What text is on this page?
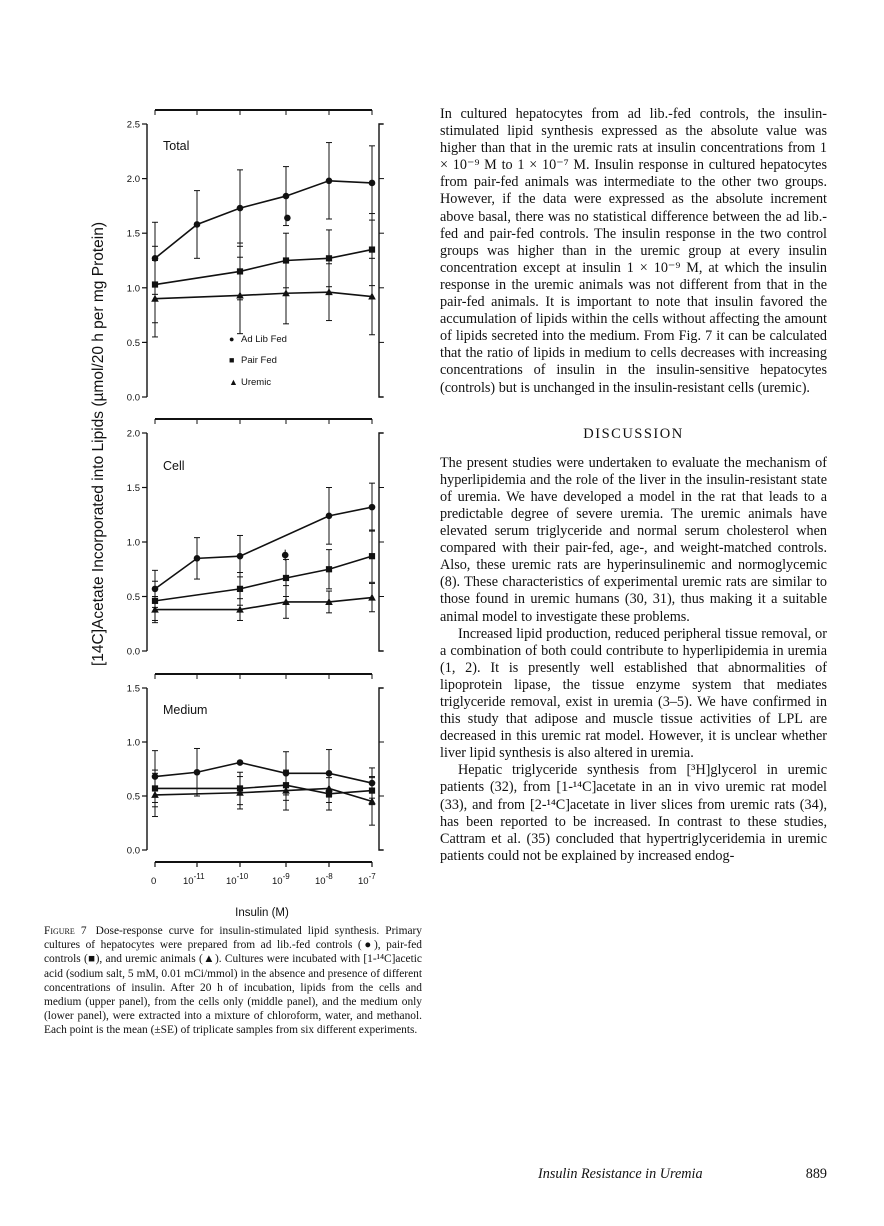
0.0
0.5
1.0
1.5
2.0
2.5
Total
0.0
0.5
1.0
1.5
2.0
Cell
0.0
0.5
1.0
1.5
Medium
● Ad Lib Fed
■ Pair Fed
▲ Uremic
0	$10^{-11}$ $10^{-10}$	$10^{-9}$	$10^{-8}$	$10^{-7}$
Insulin (M)
[14C]Acetate Incorporated into Lipids (µmol/20 h per mg Protein)
Figure 7 Dose-response curve for insulin-stimulated lipid synthesis. Primary cultures of hepatocytes were prepared from ad lib.-fed controls (●), pair-fed controls (■), and uremic animals (▲). Cultures were incubated with [1-¹⁴C]acetic acid (sodium salt, 5 mM, 0.01 mCi/mmol) in the absence and presence of different concentrations of insulin. After 20 h of incubation, lipids from the cells and medium (upper panel), from the cells only (middle panel), and the medium only (lower panel), were extracted into a mixture of chloroform, water, and methanol. Each point is the mean (±SE) of triplicate samples from six different experiments.

In cultured hepatocytes from ad lib.-fed controls, the insulin-stimulated lipid synthesis expressed as the absolute value was higher than that in the uremic rats at insulin concentrations from 1 × 10⁻⁹ M to 1 × 10⁻⁷ M. Insulin response in cultured hepatocytes from pair-fed animals was intermediate to the other two groups. However, if the data were expressed as the absolute increment above basal, there was no statistical difference between the ad lib.-fed and pair-fed controls. The insulin response in the two control groups was higher than in the uremic group at every insulin concentration except at insulin 1 × 10⁻⁹ M, at which the insulin response in the uremic animals was not different from that in the pair-fed animals. It is important to note that insulin favored the accumulation of lipids within the cells without affecting the amount of lipids secreted into the medium. From Fig. 7 it can be calculated that the ratio of lipids in medium to cells decreases with increasing concentrations of insulin in the insulin-sensitive hepatocytes (controls) but is unchanged in the insulin-resistant cells (uremic).

DISCUSSION

The present studies were undertaken to evaluate the mechanism of hyperlipidemia and the role of the liver in the insulin-resistant state of uremia. We have developed a model in the rat that leads to a predictable degree of severe uremia. The uremic animals have elevated serum triglyceride and normal serum cholesterol when compared with their pair-fed, age-, and weight-matched controls. Also, these uremic rats are hyperinsulinemic and normoglycemic (8). These characteristics of experimental uremic rats are similar to those found in uremic humans (30, 31), thus making it a suitable animal model to investigate these problems.

Increased lipid production, reduced peripheral tissue removal, or a combination of both could contribute to hyperlipidemia in uremia (1, 2). It is presently well established that abnormalities of lipoprotein lipase, the tissue enzyme system that mediates triglyceride removal, exist in uremia (3–5). We have confirmed in this study that adipose and muscle tissue activities of LPL are decreased in this uremic rat model. However, it is unclear whether liver lipid synthesis is also altered in uremia.

Hepatic triglyceride synthesis from [³H]glycerol in uremic patients (32), from [1-¹⁴C]acetate in an in vivo uremic rat model (33), and from [2-¹⁴C]acetate in liver slices from uremic rats (34), has been reported to be increased. In contrast to these studies, Cattram et al. (35) concluded that hypertriglyceridemia in uremic patients could not be explained by increased endog-

Insulin Resistance in Uremia	889
